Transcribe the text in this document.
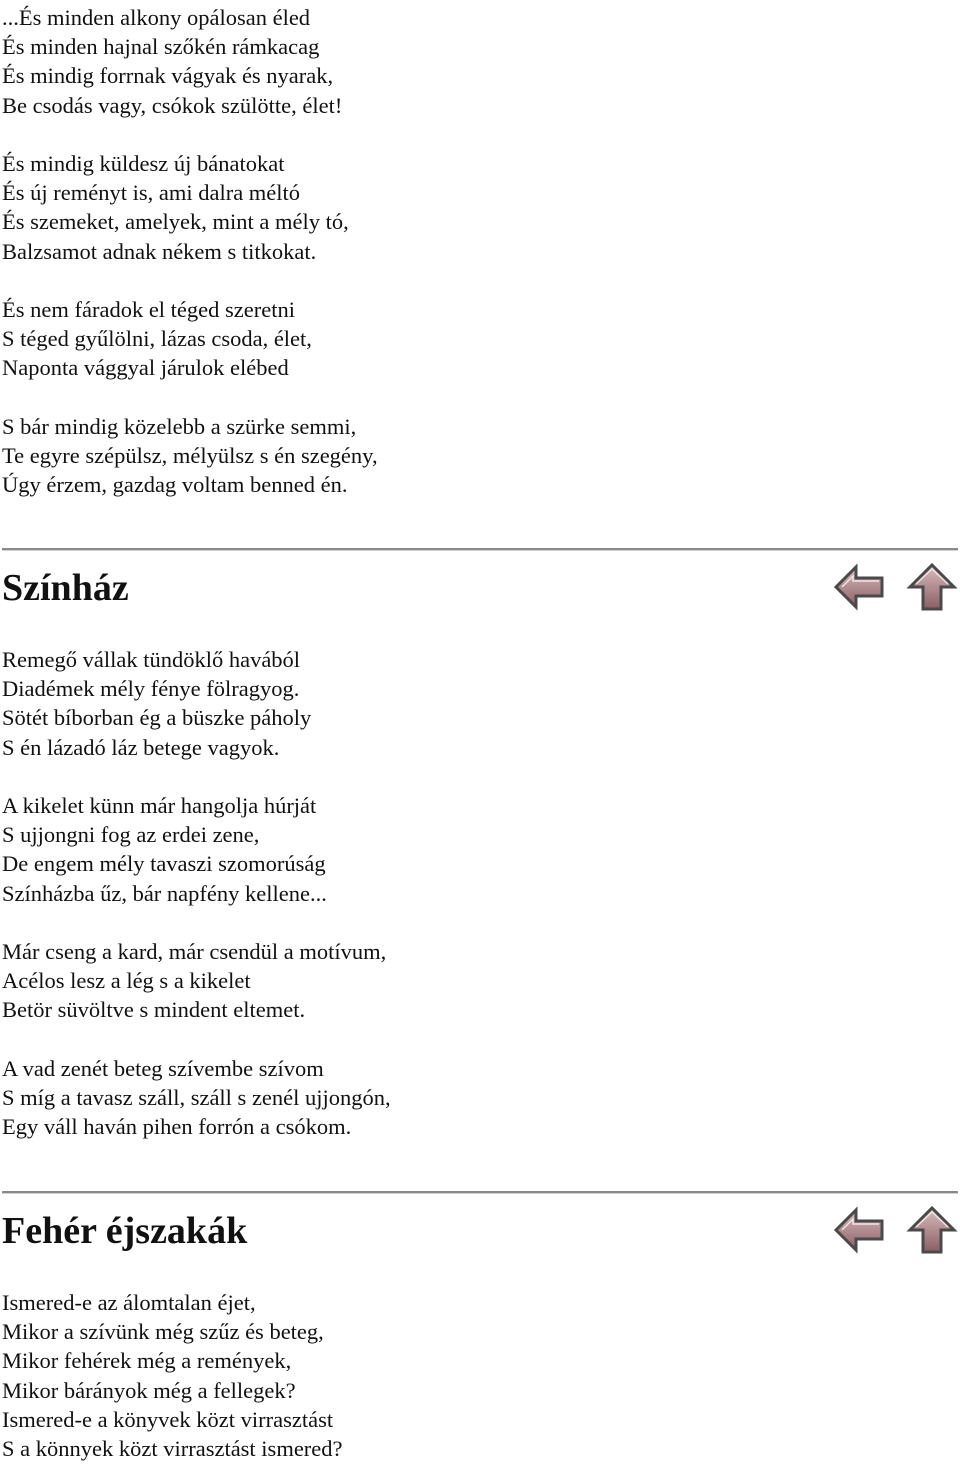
...És minden alkony opálosan éled
És minden hajnal szőkén rámkacag
És mindig forrnak vágyak és nyarak,
Be csodás vagy, csókok szülötte, élet!
És mindig küldesz új bánatokat
És új reményt is, ami dalra méltó
És szemeket, amelyek, mint a mély tó,
Balzsamot adnak nékem s titkokat.
És nem fáradok el téged szeretni
S téged gyűlölni, lázas csoda, élet,
Naponta vággyal járulok elébed
S bár mindig közelebb a szürke semmi,
Te egyre szépülsz, mélyülsz s én szegény,
Úgy érzem, gazdag voltam benned én.
Színház
Remegő vállak tündöklő havából
Diadémek mély fénye fölragyog.
Sötét bíborban ég a büszke páholy
S én lázadó láz betege vagyok.
A kikelet künn már hangolja húrját
S ujjongni fog az erdei zene,
De engem mély tavaszi szomorúság
Színházba űz, bár napfény kellene...
Már cseng a kard, már csendül a motívum,
Acélos lesz a lég s a kikelet
Betör süvöltve s mindent eltemet.
A vad zenét beteg szívembe szívom
S míg a tavasz száll, száll s zenél ujjongón,
Egy váll haván pihen forrón a csókom.
Fehér éjszakák
Ismered-e az álomtalan éjet,
Mikor a szívünk még szűz és beteg,
Mikor fehérek még a remények,
Mikor bárányok még a fellegek?
Ismered-e a könyvek közt virrasztást
S a könnyek közt virrasztást ismered?
